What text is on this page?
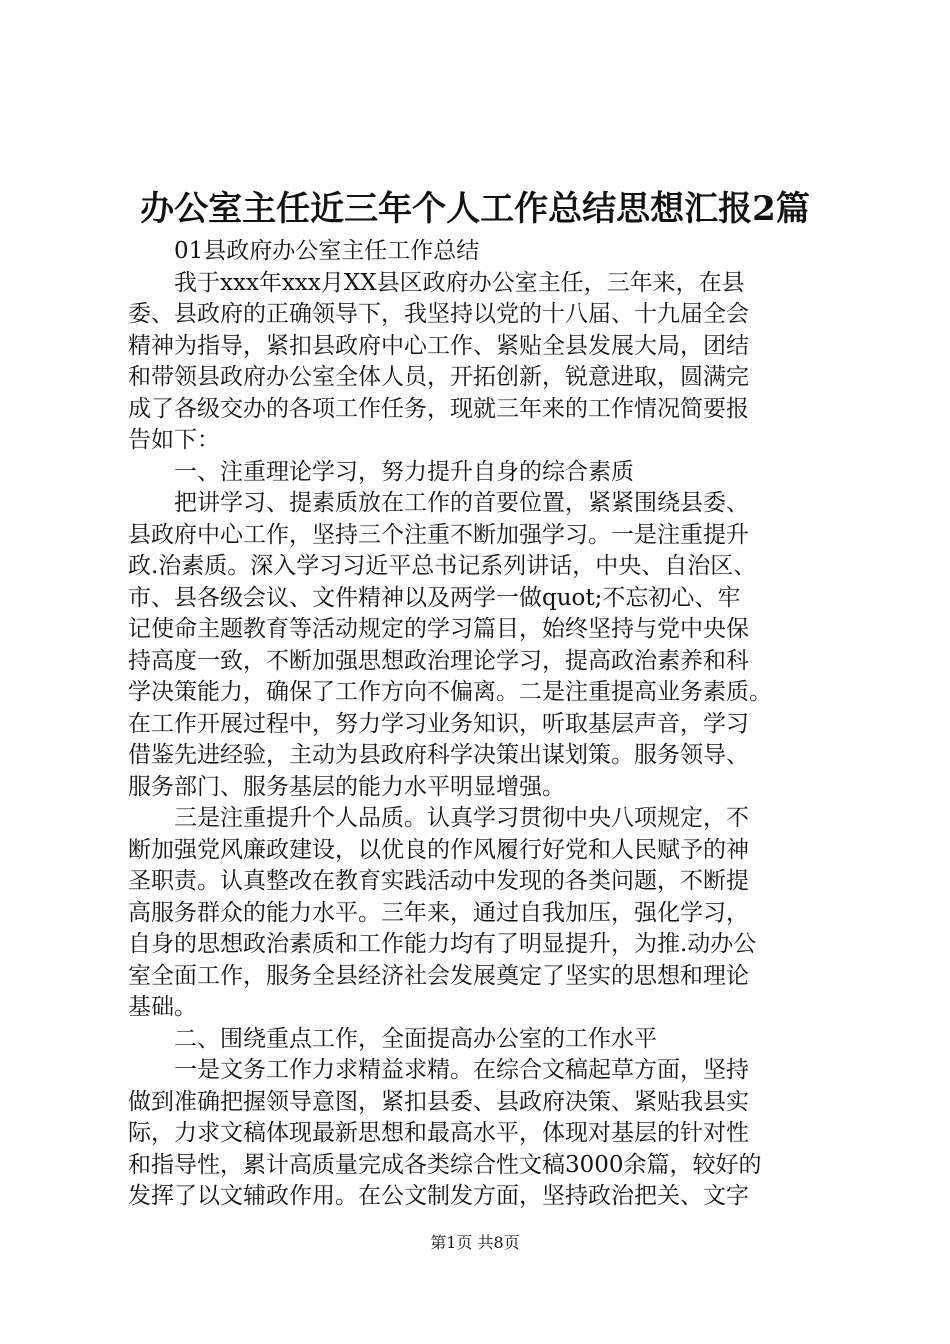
办公室主任近三年个人工作总结思想汇报2篇
　　01县政府办公室主任工作总结
　　我于xxx年xxx月XX县区政府办公室主任，三年来，在县
委、县政府的正确领导下，我坚持以党的十八届、十九届全会
精神为指导，紧扣县政府中心工作、紧贴全县发展大局，团结
和带领县政府办公室全体人员，开拓创新，锐意进取，圆满完
成了各级交办的各项工作任务，现就三年来的工作情况简要报
告如下：
　　一、注重理论学习，努力提升自身的综合素质
　　把讲学习、提素质放在工作的首要位置，紧紧围绕县委、
县政府中心工作，坚持三个注重不断加强学习。一是注重提升
政.治素质。深入学习习近平总书记系列讲话，中央、自治区、
市、县各级会议、文件精神以及两学一做quot;不忘初心、牢
记使命主题教育等活动规定的学习篇目，始终坚持与党中央保
持高度一致，不断加强思想政治理论学习，提高政治素养和科
学决策能力，确保了工作方向不偏离。二是注重提高业务素质。
在工作开展过程中，努力学习业务知识，听取基层声音，学习
借鉴先进经验，主动为县政府科学决策出谋划策。服务领导、
服务部门、服务基层的能力水平明显增强。
　　三是注重提升个人品质。认真学习贯彻中央八项规定，不
断加强党风廉政建设，以优良的作风履行好党和人民赋予的神
圣职责。认真整改在教育实践活动中发现的各类问题，不断提
高服务群众的能力水平。三年来，通过自我加压，强化学习，
自身的思想政治素质和工作能力均有了明显提升，为推.动办公
室全面工作，服务全县经济社会发展奠定了坚实的思想和理论
基础。
　　二、围绕重点工作，全面提高办公室的工作水平
　　一是文务工作力求精益求精。在综合文稿起草方面，坚持
做到准确把握领导意图，紧扣县委、县政府决策、紧贴我县实
际，力求文稿体现最新思想和最高水平，体现对基层的针对性
和指导性，累计高质量完成各类综合性文稿3000余篇，较好的
发挥了以文辅政作用。在公文制发方面，坚持政治把关、文字
第1页 共8页
